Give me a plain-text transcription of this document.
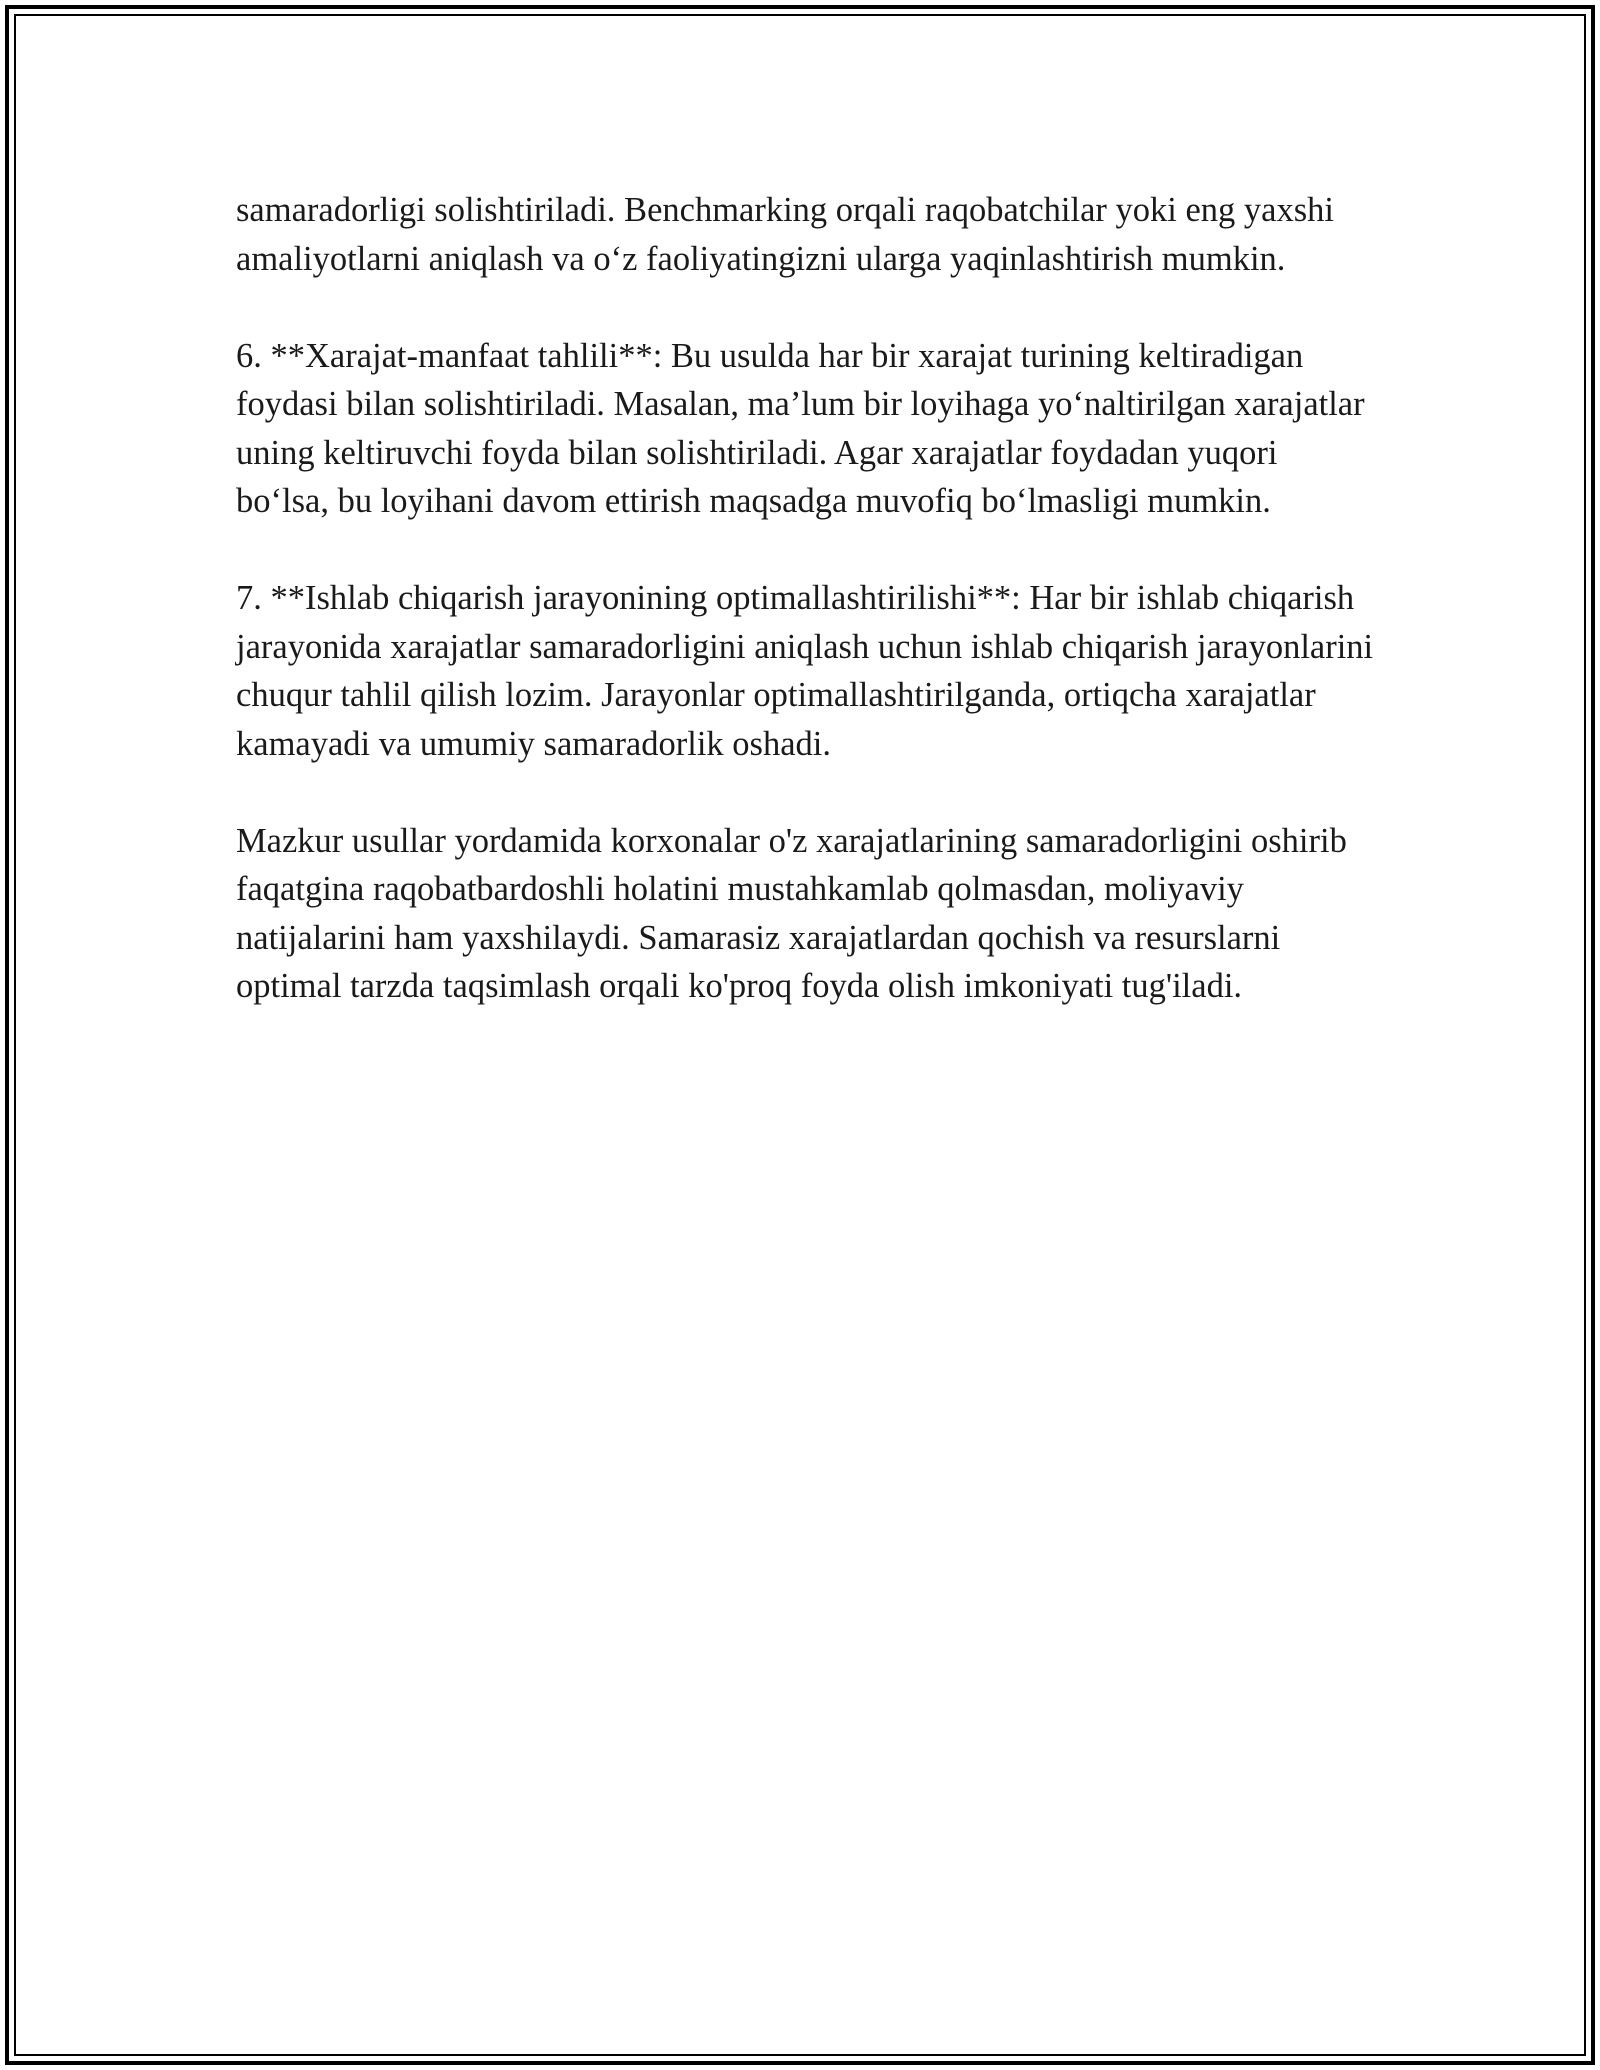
samaradorligi solishtiriladi. Benchmarking orqali raqobatchilar yoki eng yaxshi amaliyotlarni aniqlash va o‘z faoliyatingizni ularga yaqinlashtirish mumkin.

6. **Xarajat-manfaat tahlili**: Bu usulda har bir xarajat turining keltiradigan foydasi bilan solishtiriladi. Masalan, ma’lum bir loyihaga yo‘naltirilgan xarajatlar uning keltiruvchi foyda bilan solishtiriladi. Agar xarajatlar foydadan yuqori bo‘lsa, bu loyihani davom ettirish maqsadga muvofiq bo‘lmasligi mumkin.

7. **Ishlab chiqarish jarayonining optimallashtirilishi**: Har bir ishlab chiqarish jarayonida xarajatlar samaradorligini aniqlash uchun ishlab chiqarish jarayonlarini chuqur tahlil qilish lozim. Jarayonlar optimallashtirilganda, ortiqcha xarajatlar kamayadi va umumiy samaradorlik oshadi.

Mazkur usullar yordamida korxonalar o'z xarajatlarining samaradorligini oshirib faqatgina raqobatbardoshli holatini mustahkamlab qolmasdan, moliyaviy natijalarini ham yaxshilaydi. Samarasiz xarajatlardan qochish va resurslarni optimal tarzda taqsimlash orqali ko'proq foyda olish imkoniyati tug'iladi.
